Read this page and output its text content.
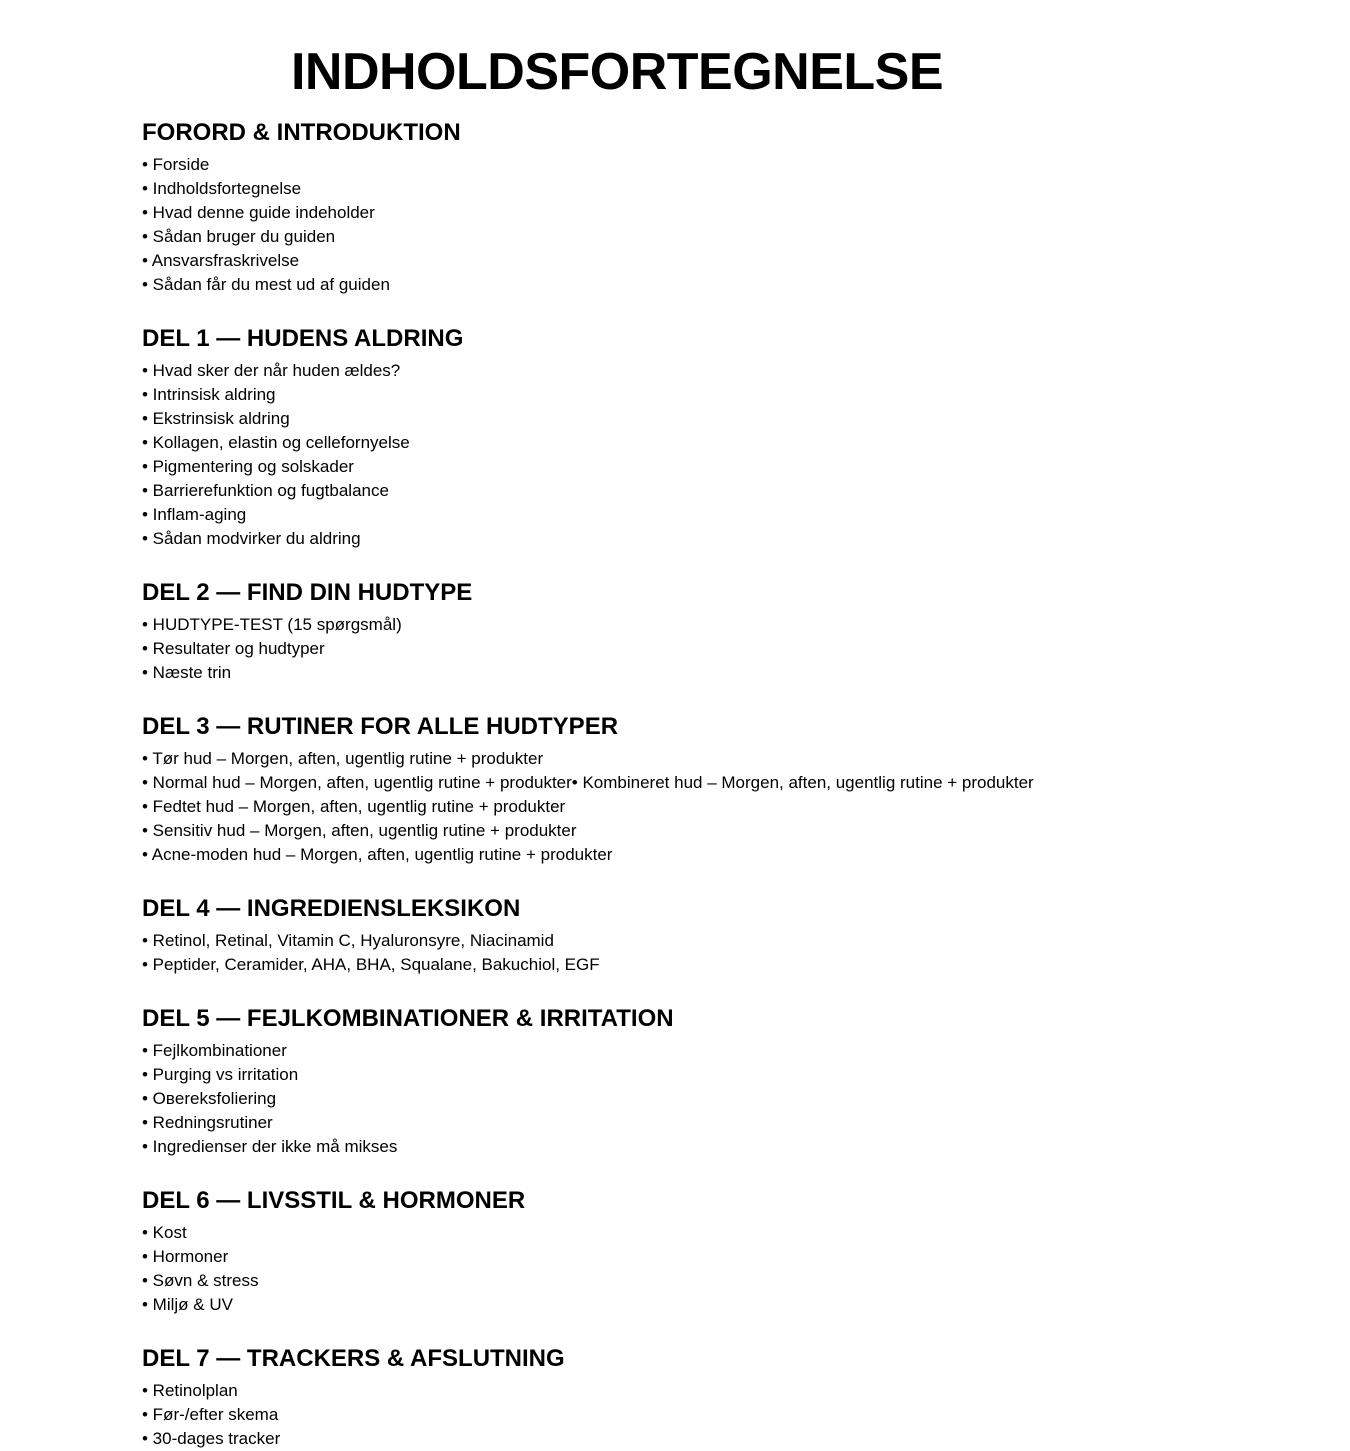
INDHOLDSFORTEGNELSE
FORORD & INTRODUKTION
• Forside
• Indholdsfortegnelse
• Hvad denne guide indeholder
• Sådan bruger du guiden
• Ansvarsfraskrivelse
• Sådan får du mest ud af guiden
DEL 1 — HUDENS ALDRING
• Hvad sker der når huden ældes?
• Intrinsisk aldring
• Ekstrinsisk aldring
• Kollagen, elastin og cellefornyelse
• Pigmentering og solskader
• Barrierefunktion og fugtbalance
• Inflam-aging
• Sådan modvirker du aldring
DEL 2 — FIND DIN HUDTYPE
• HUDTYPE-TEST (15 spørgsmål)
• Resultater og hudtyper
• Næste trin
DEL 3 — RUTINER FOR ALLE HUDTYPER
• Tør hud – Morgen, aften, ugentlig rutine + produkter
• Normal hud – Morgen, aften, ugentlig rutine + produkter• Kombineret hud – Morgen, aften, ugentlig rutine + produkter
• Fedtet hud – Morgen, aften, ugentlig rutine + produkter
• Sensitiv hud – Morgen, aften, ugentlig rutine + produkter
• Acne-moden hud – Morgen, aften, ugentlig rutine + produkter
DEL 4 — INGREDIENSLEKSIKON
• Retinol, Retinal, Vitamin C, Hyaluronsyre, Niacinamid
• Peptider, Ceramider, AHA, BHA, Squalane, Bakuchiol, EGF
DEL 5 — FEJLKOMBINATIONER & IRRITATION
• Fejlkombinationer
• Purging vs irritation
• Овereksfoliering
• Redningsrutiner
• Ingredienser der ikke må mikses
DEL 6 — LIVSSTIL & HORMONER
• Kost
• Hormoner
• Søvn & stress
• Miljø & UV
DEL 7 — TRACKERS & AFSLUTNING
• Retinolplan
• Før-/efter skema
• 30-dages tracker
